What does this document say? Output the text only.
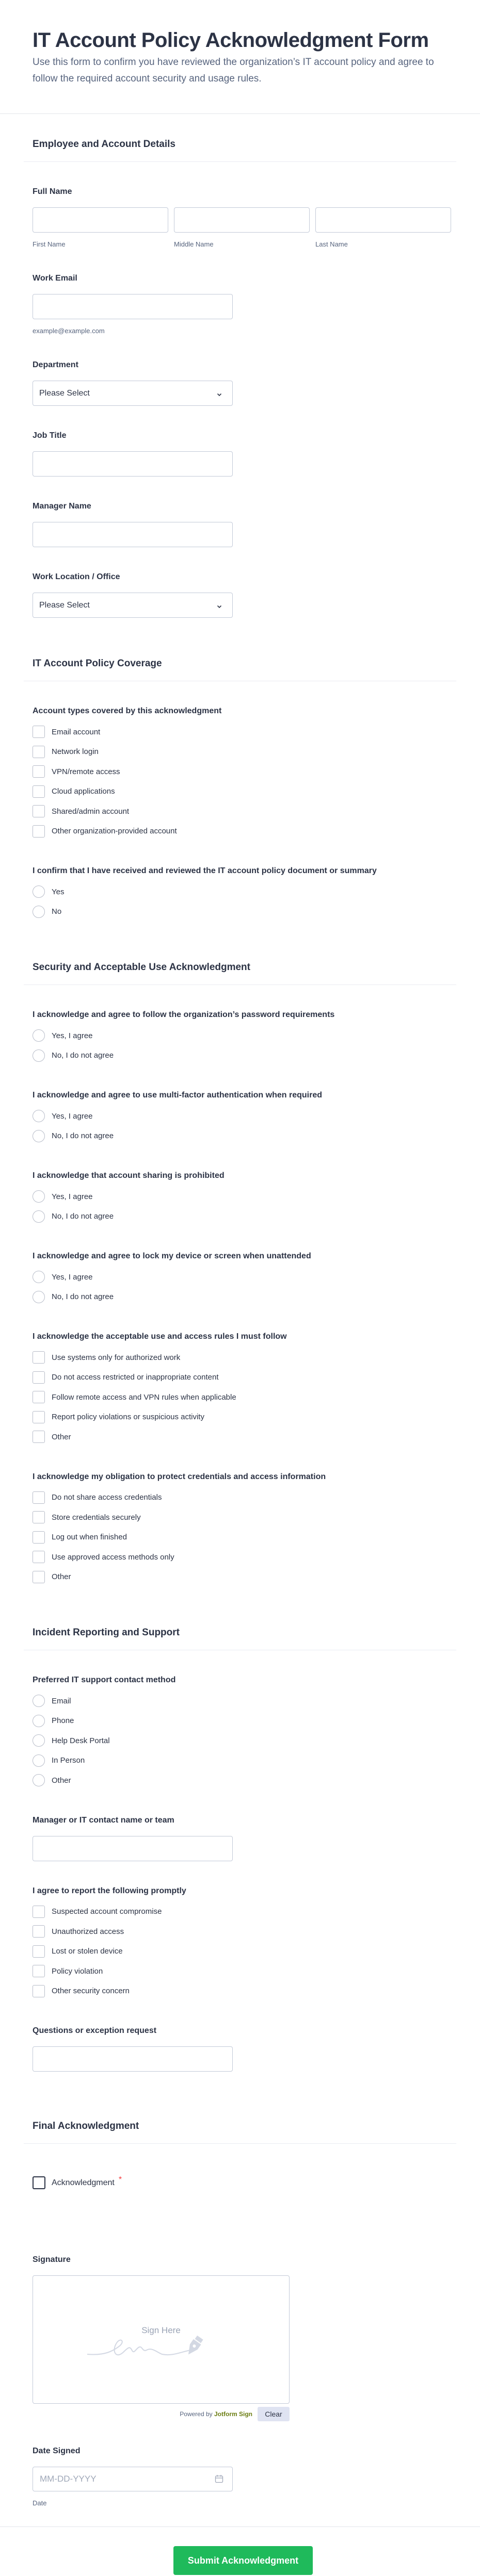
IT Account Policy Acknowledgment Form
Use this form to confirm you have reviewed the organization’s IT account policy and agree to follow the required account security and usage rules.
Employee and Account Details
Full Name
First Name	Middle Name	Last Name
Work Email
example@example.com
Department
Please Select
Job Title
Manager Name
Work Location / Office
Please Select
IT Account Policy Coverage
Account types covered by this acknowledgment
Email account
Network login
VPN/remote access
Cloud applications
Shared/admin account
Other organization-provided account
I confirm that I have received and reviewed the IT account policy document or summary
Yes
No
Security and Acceptable Use Acknowledgment
I acknowledge and agree to follow the organization’s password requirements
Yes, I agree
No, I do not agree
I acknowledge and agree to use multi-factor authentication when required
Yes, I agree
No, I do not agree
I acknowledge that account sharing is prohibited
Yes, I agree
No, I do not agree
I acknowledge and agree to lock my device or screen when unattended
Yes, I agree
No, I do not agree
I acknowledge the acceptable use and access rules I must follow
Use systems only for authorized work
Do not access restricted or inappropriate content
Follow remote access and VPN rules when applicable
Report policy violations or suspicious activity
Other
I acknowledge my obligation to protect credentials and access information
Do not share access credentials
Store credentials securely
Log out when finished
Use approved access methods only
Other
Incident Reporting and Support
Preferred IT support contact method
Email
Phone
Help Desk Portal
In Person
Other
Manager or IT contact name or team
I agree to report the following promptly
Suspected account compromise
Unauthorized access
Lost or stolen device
Policy violation
Other security concern
Questions or exception request
Final Acknowledgment
Acknowledgment *
Signature
Sign Here
Powered by Jotform Sign	Clear
Date Signed
MM-DD-YYYY
Date
Submit Acknowledgment
